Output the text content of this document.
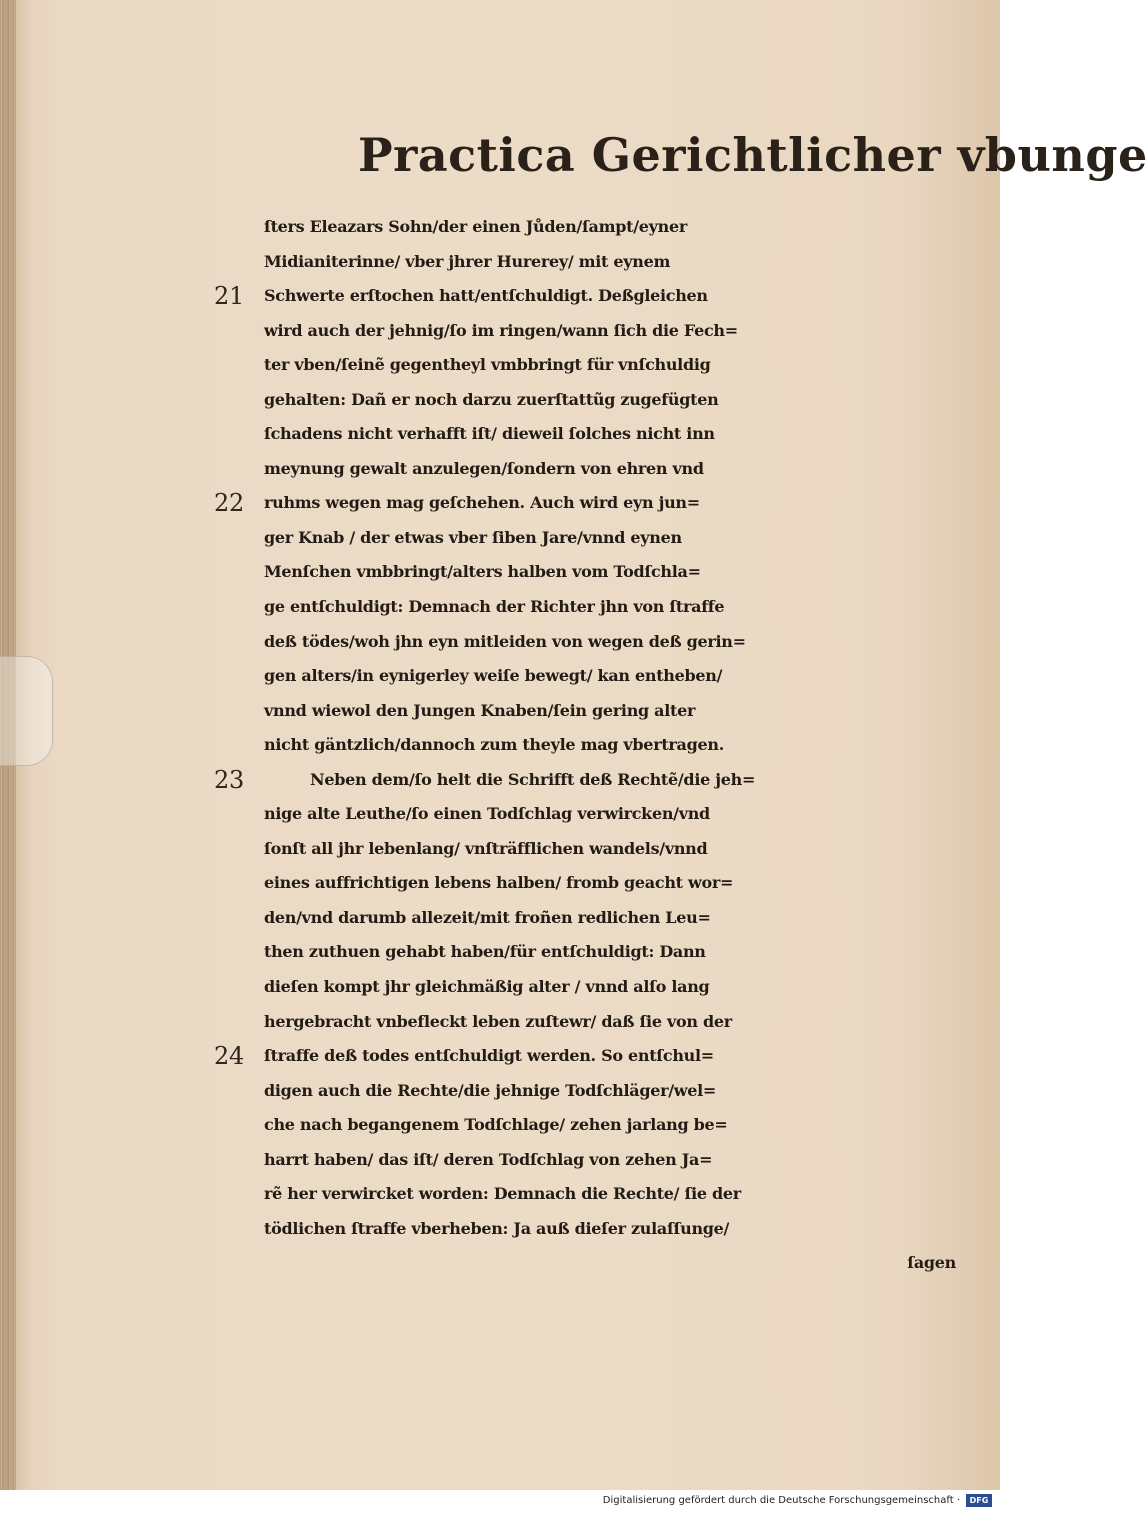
Practica Gerichtlicher vbunge
ſters Eleazars Sohn/der einen Jůden/ſampt/eyner
Midianiterinne/ vber jhrer Hurerey/ mit eynem
21 Schwerte erſtochen hatt/entſchuldigt. Deßgleichen
wird auch der jehnig/ſo im ringen/wann ſich die Fech=
ter vben/ſeinẽ gegentheyl vmbbringt für vnſchuldig
gehalten: Dañ er noch darzu zuerſtattũg zugefügten
ſchadens nicht verhafft iſt/ dieweil ſolches nicht inn
meynung gewalt anzulegen/ſondern von ehren vnd
22 ruhms wegen mag geſchehen. Auch wird eyn jun=
ger Knab / der etwas vber ſiben Jare/vnnd eynen
Menſchen vmbbringt/alters halben vom Todſchla=
ge entſchuldigt: Demnach der Richter jhn von ſtraffe
deß tödes/woh jhn eyn mitleiden von wegen deß gerin=
gen alters/in eynigerley weiſe bewegt/ kan entheben/
vnnd wiewol den Jungen Knaben/ſein gering alter
nicht gäntzlich/dannoch zum theyle mag vbertragen.
23	Neben dem/ſo helt die Schrifft deß Rechtẽ/die jeh=
nige alte Leuthe/ſo einen Todſchlag verwircken/vnd
ſonſt all jhr lebenlang/ vnſträfflichen wandels/vnnd
eines auffrichtigen lebens halben/ fromb geacht wor=
den/vnd darumb allezeit/mit froñen redlichen Leu=
then zuthuen gehabt haben/für entſchuldigt: Dann
dieſen kompt jhr gleichmäßig alter / vnnd alſo lang
hergebracht vnbefleckt leben zuſtewr/ daß ſie von der
24 ſtraffe deß todes entſchuldigt werden. So entſchul=
digen auch die Rechte/die jehnige Todſchläger/wel=
che nach begangenem Todſchlage/ zehen jarlang be=
harrt haben/ das iſt/ deren Todſchlag von zehen Ja=
rẽ her verwircket worden: Demnach die Rechte/ ſie der
tödlichen ſtraffe vberheben: Ja auß dieſer zulaſſunge/
ſagen
Digitalisierung gefördert durch die Deutsche Forschungsgemeinschaft ·	DFG
